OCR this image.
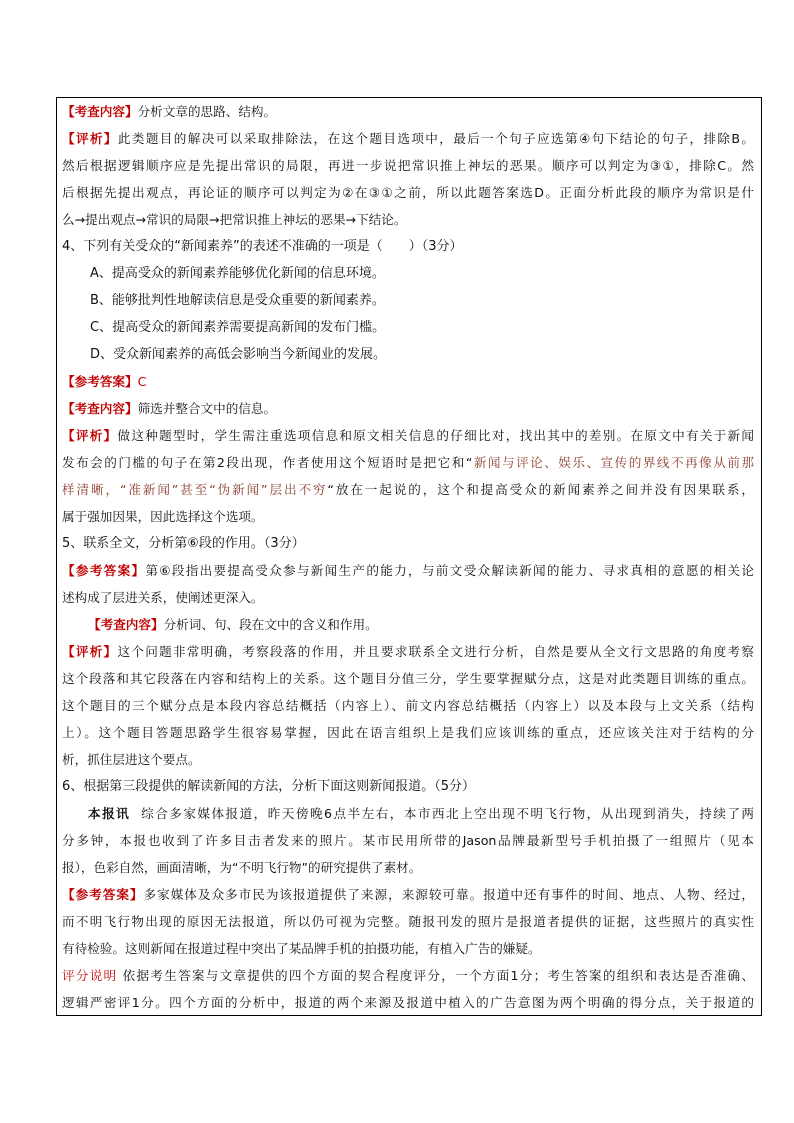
【考查内容】分析文章的思路、结构。
【评析】此类题目的解决可以采取排除法，在这个题目选项中，最后一个句子应选第④句下结论的句子，排除B。
然后根据逻辑顺序应是先提出常识的局限，再进一步说把常识推上神坛的恶果。顺序可以判定为③①，排除C。然
后根据先提出观点，再论证的顺序可以判定为②在③①之前，所以此题答案选D。正面分析此段的顺序为常识是什
么→提出观点→常识的局限→把常识推上神坛的恶果→下结论。
4、下列有关受众的“新闻素养”的表述不准确的一项是（　　）（3分）
A、提高受众的新闻素养能够优化新闻的信息环境。
B、能够批判性地解读信息是受众重要的新闻素养。
C、提高受众的新闻素养需要提高新闻的发布门槛。
D、受众新闻素养的高低会影响当今新闻业的发展。
【参考答案】C
【考查内容】筛选并整合文中的信息。
【评析】做这种题型时，学生需注重选项信息和原文相关信息的仔细比对，找出其中的差别。在原文中有关于新闻
发布会的门槛的句子在第2段出现，作者使用这个短语时是把它和“新闻与评论、娱乐、宣传的界线不再像从前那
样清晰，“准新闻”甚至“伪新闻”层出不穷“放在一起说的，这个和提高受众的新闻素养之间并没有因果联系，
属于强加因果，因此选择这个选项。
5、联系全文，分析第⑥段的作用。（3分）
【参考答案】第⑥段指出要提高受众参与新闻生产的能力，与前文受众解读新闻的能力、寻求真相的意愿的相关论
述构成了层进关系，使阐述更深入。
【考查内容】分析词、句、段在文中的含义和作用。
【评析】这个问题非常明确，考察段落的作用，并且要求联系全文进行分析，自然是要从全文行文思路的角度考察
这个段落和其它段落在内容和结构上的关系。这个题目分值三分，学生要掌握赋分点，这是对此类题目训练的重点。
这个题目的三个赋分点是本段内容总结概括（内容上）、前文内容总结概括（内容上）以及本段与上文关系（结构
上）。这个题目答题思路学生很容易掌握，因此在语言组织上是我们应该训练的重点，还应该关注对于结构的分
析，抓住层进这个要点。
6、根据第三段提供的解读新闻的方法，分析下面这则新闻报道。（5分）
本报讯 综合多家媒体报道，昨天傍晚6点半左右，本市西北上空出现不明飞行物，从出现到消失，持续了两
分多钟，本报也收到了许多目击者发来的照片。某市民用所带的Jason品牌最新型号手机拍摄了一组照片（见本
报），色彩自然，画面清晰，为“不明飞行物”的研究提供了素材。
【参考答案】多家媒体及众多市民为该报道提供了来源，来源较可靠。报道中还有事件的时间、地点、人物、经过，
而不明飞行物出现的原因无法报道，所以仍可视为完整。随报刊发的照片是报道者提供的证据，这些照片的真实性
有待检验。这则新闻在报道过程中突出了某品牌手机的拍摄功能，有植入广告的嫌疑。
评分说明 依据考生答案与文章提供的四个方面的契合程度评分，一个方面1分；考生答案的组织和表达是否准确、
逻辑严密评1分。四个方面的分析中，报道的两个来源及报道中植入的广告意图为两个明确的得分点，关于报道的
